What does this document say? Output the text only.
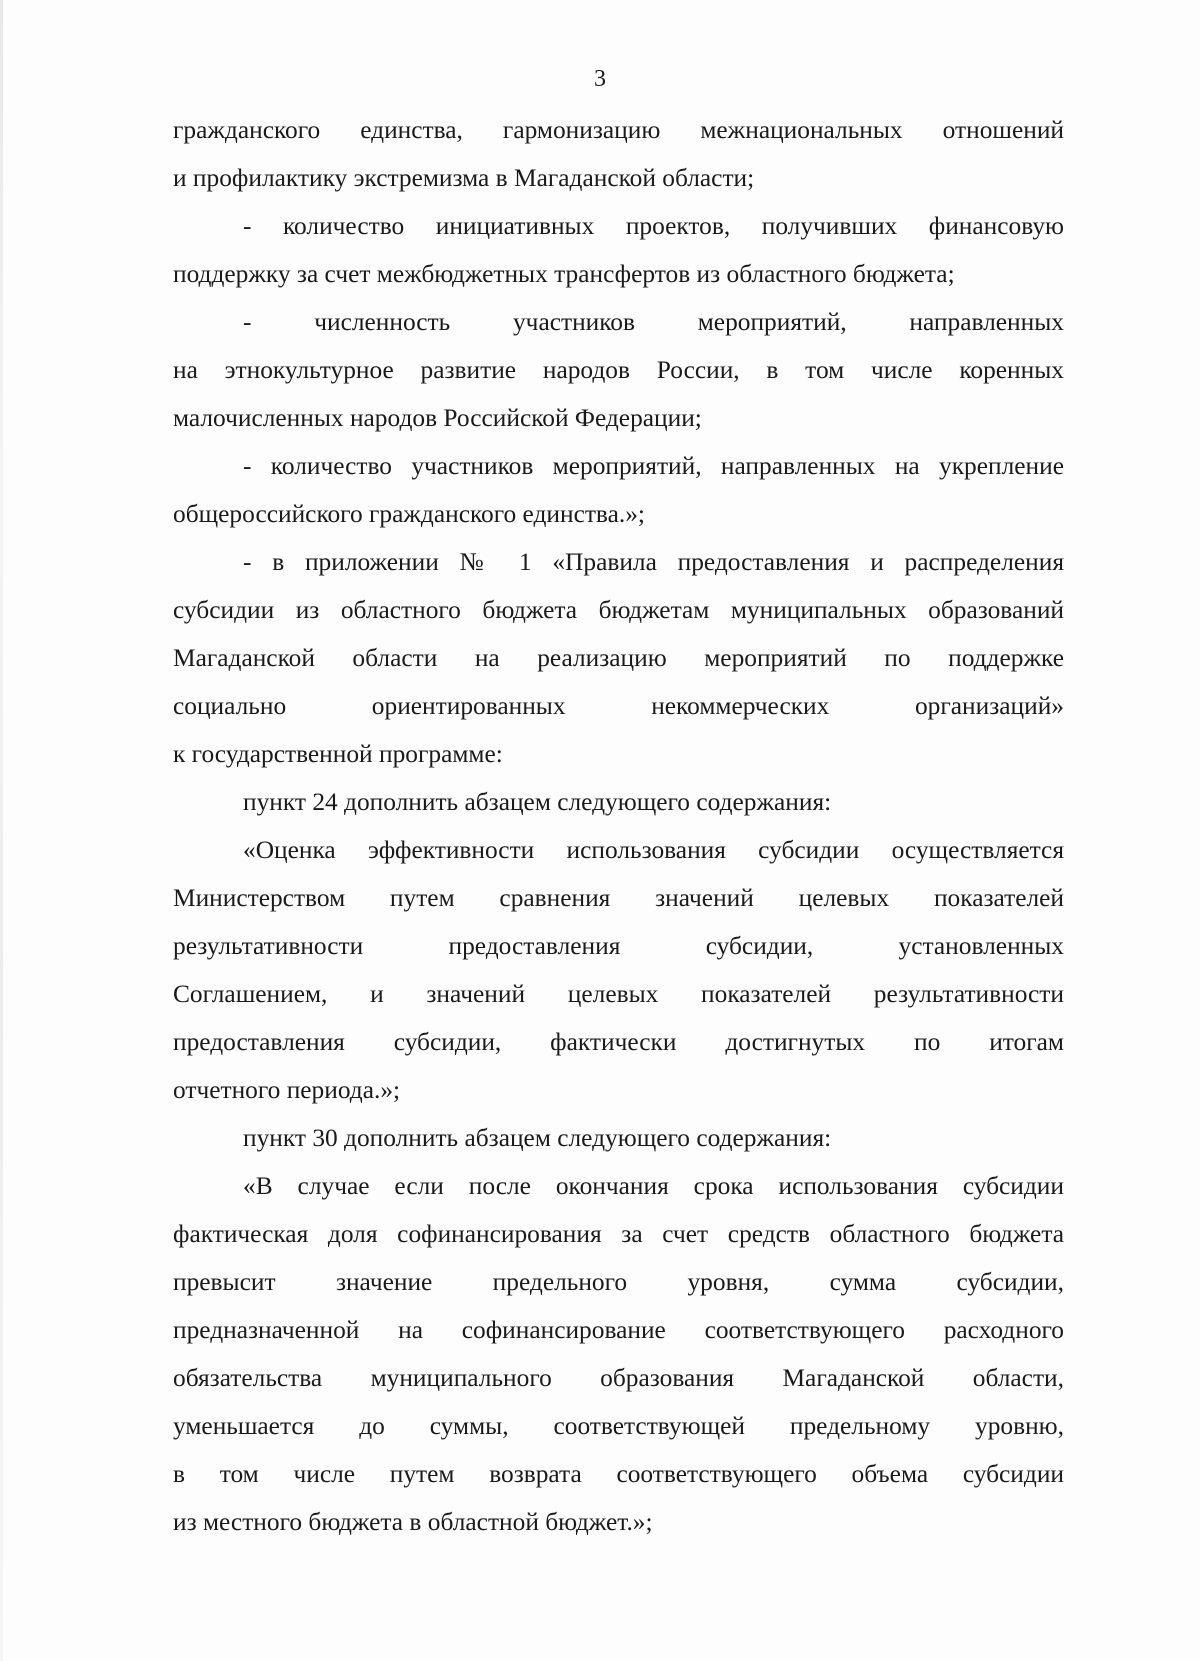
3
гражданского единства, гармонизацию межнациональных отношений
и профилактику экстремизма в Магаданской области;
- количество инициативных проектов, получивших финансовую
поддержку за счет межбюджетных трансфертов из областного бюджета;
- численность участников мероприятий, направленных
на этнокультурное развитие народов России, в том числе коренных
малочисленных народов Российской Федерации;
- количество участников мероприятий, направленных на укрепление
общероссийского гражданского единства.»;
- в приложении № 1 «Правила предоставления и распределения
субсидии из областного бюджета бюджетам муниципальных образований
Магаданской области на реализацию мероприятий по поддержке
социально ориентированных некоммерческих организаций»
к государственной программе:
пункт 24 дополнить абзацем следующего содержания:
«Оценка эффективности использования субсидии осуществляется
Министерством путем сравнения значений целевых показателей
результативности предоставления субсидии, установленных
Соглашением, и значений целевых показателей результативности
предоставления субсидии, фактически достигнутых по итогам
отчетного периода.»;
пункт 30 дополнить абзацем следующего содержания:
«В случае если после окончания срока использования субсидии
фактическая доля софинансирования за счет средств областного бюджета
превысит значение предельного уровня, сумма субсидии,
предназначенной на софинансирование соответствующего расходного
обязательства муниципального образования Магаданской области,
уменьшается до суммы, соответствующей предельному уровню,
в том числе путем возврата соответствующего объема субсидии
из местного бюджета в областной бюджет.»;
